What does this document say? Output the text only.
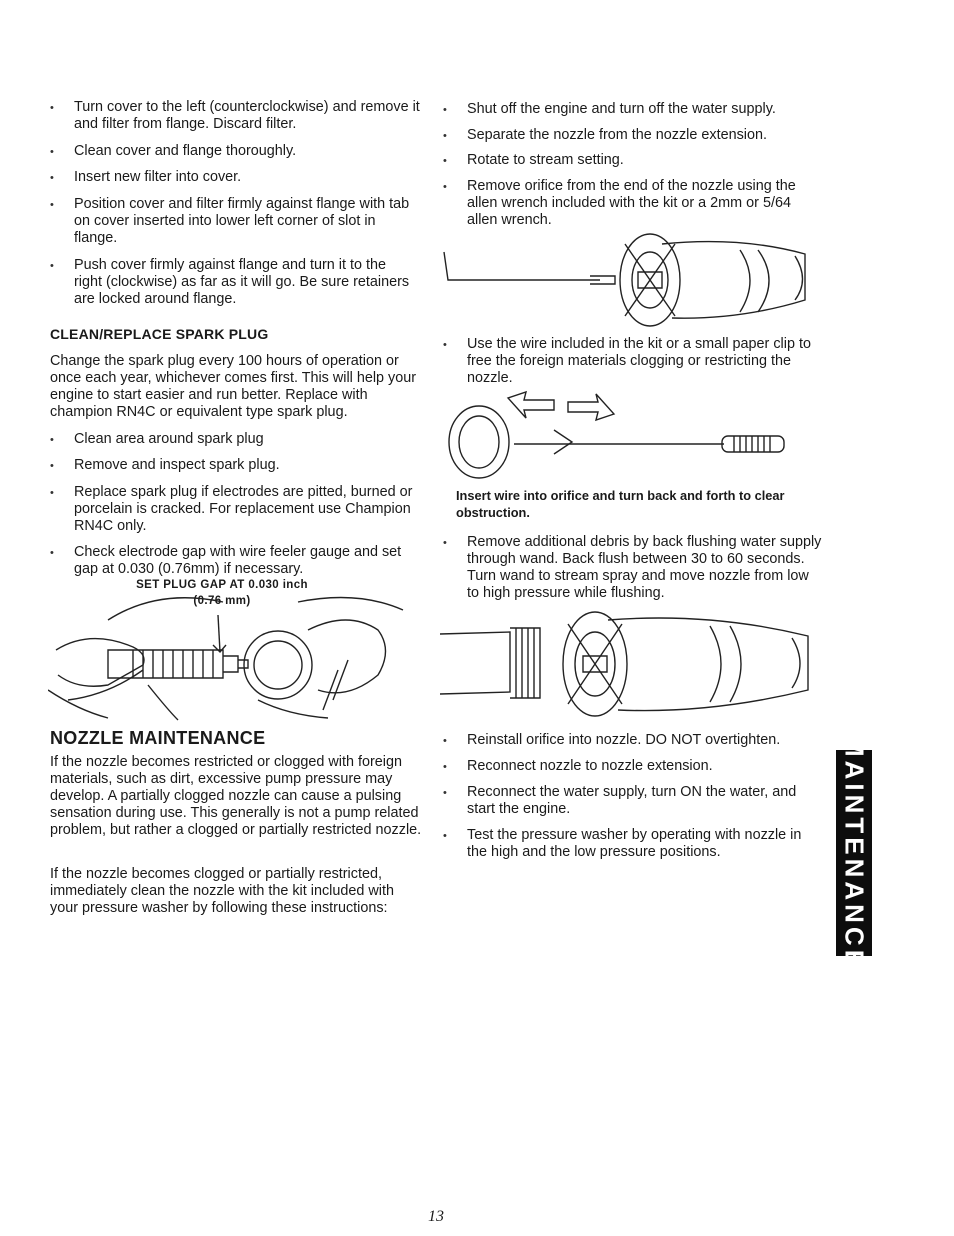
•	Turn cover to the left (counterclockwise) and remove it and filter from flange. Discard filter.
•	Clean cover and flange thoroughly.
•	Insert new filter into cover.
•	Position cover and filter firmly against flange with tab on cover inserted into lower left corner of slot in flange.
•	Push cover firmly against flange and turn it to the right (clockwise) as far as it will go. Be sure retainers are locked around flange.
CLEAN/REPLACE SPARK PLUG
Change the spark plug every 100 hours of operation or once each year, whichever comes first. This will help your engine to start easier and run better. Replace with champion RN4C or equivalent type spark plug.
•	Clean area around spark plug
•	Remove and inspect spark plug.
•	Replace spark plug if electrodes are pitted, burned or porcelain is cracked. For replacement use Champion RN4C only.
•	Check electrode gap with wire feeler gauge and set gap at 0.030 (0.76mm) if necessary.
SET PLUG GAP AT 0.030 inch
(0.76 mm)
NOZZLE MAINTENANCE
If the nozzle becomes restricted or clogged with foreign materials, such as dirt, excessive pump pressure may develop. A partially clogged nozzle can cause a pulsing sensation during use. This generally is not a pump related problem, but rather a clogged or partially restricted nozzle.
If the nozzle becomes clogged or partially restricted, immediately clean the nozzle with the kit included with your pressure washer by following these instructions:
•	Shut off the engine and turn off the water supply.
•	Separate the nozzle from the nozzle extension.
•	Rotate to stream setting.
•	Remove orifice from the end of the nozzle using the allen wrench included with the kit or a 2mm or 5/64 allen wrench.
•	Use the wire included in the kit or a small paper clip to free the foreign materials clogging or restricting the nozzle.
Insert wire into orifice and turn back and forth to clear obstruction.
•	Remove additional debris by back flushing water supply through wand. Back flush between 30 to 60 seconds. Turn wand to stream spray and move nozzle from low to high pressure while flushing.
•	Reinstall orifice into nozzle. DO NOT overtighten.
•	Reconnect nozzle to nozzle extension.
•	Reconnect the water supply, turn ON the water, and start the engine.
•	Test the pressure washer by operating with nozzle in the high and the low pressure positions.	MAINTENANCE
13
